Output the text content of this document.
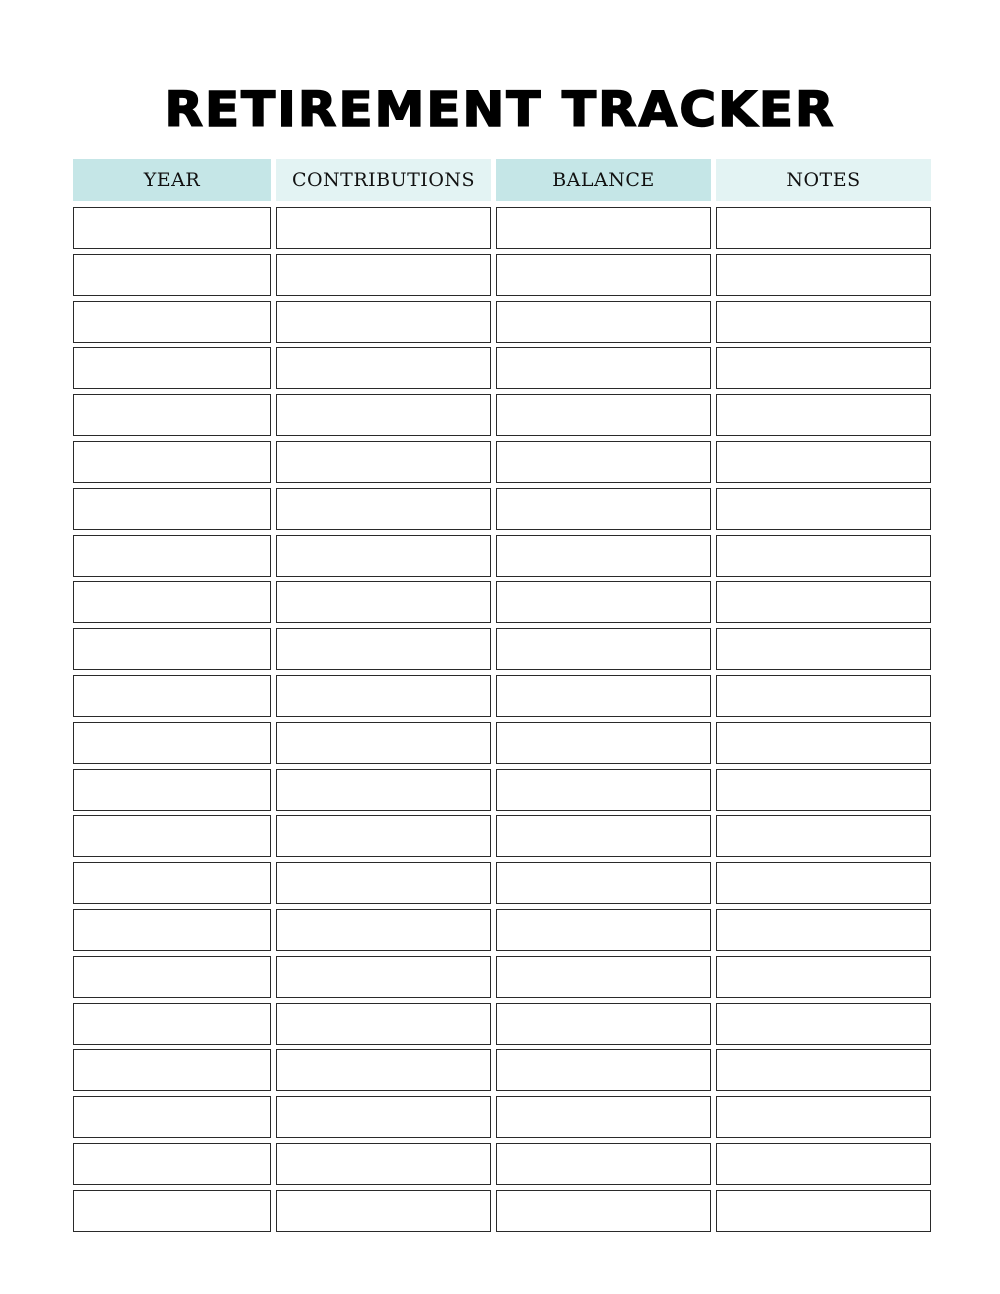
RETIREMENT TRACKER
YEAR	CONTRIBUTIONS	BALANCE	NOTES
